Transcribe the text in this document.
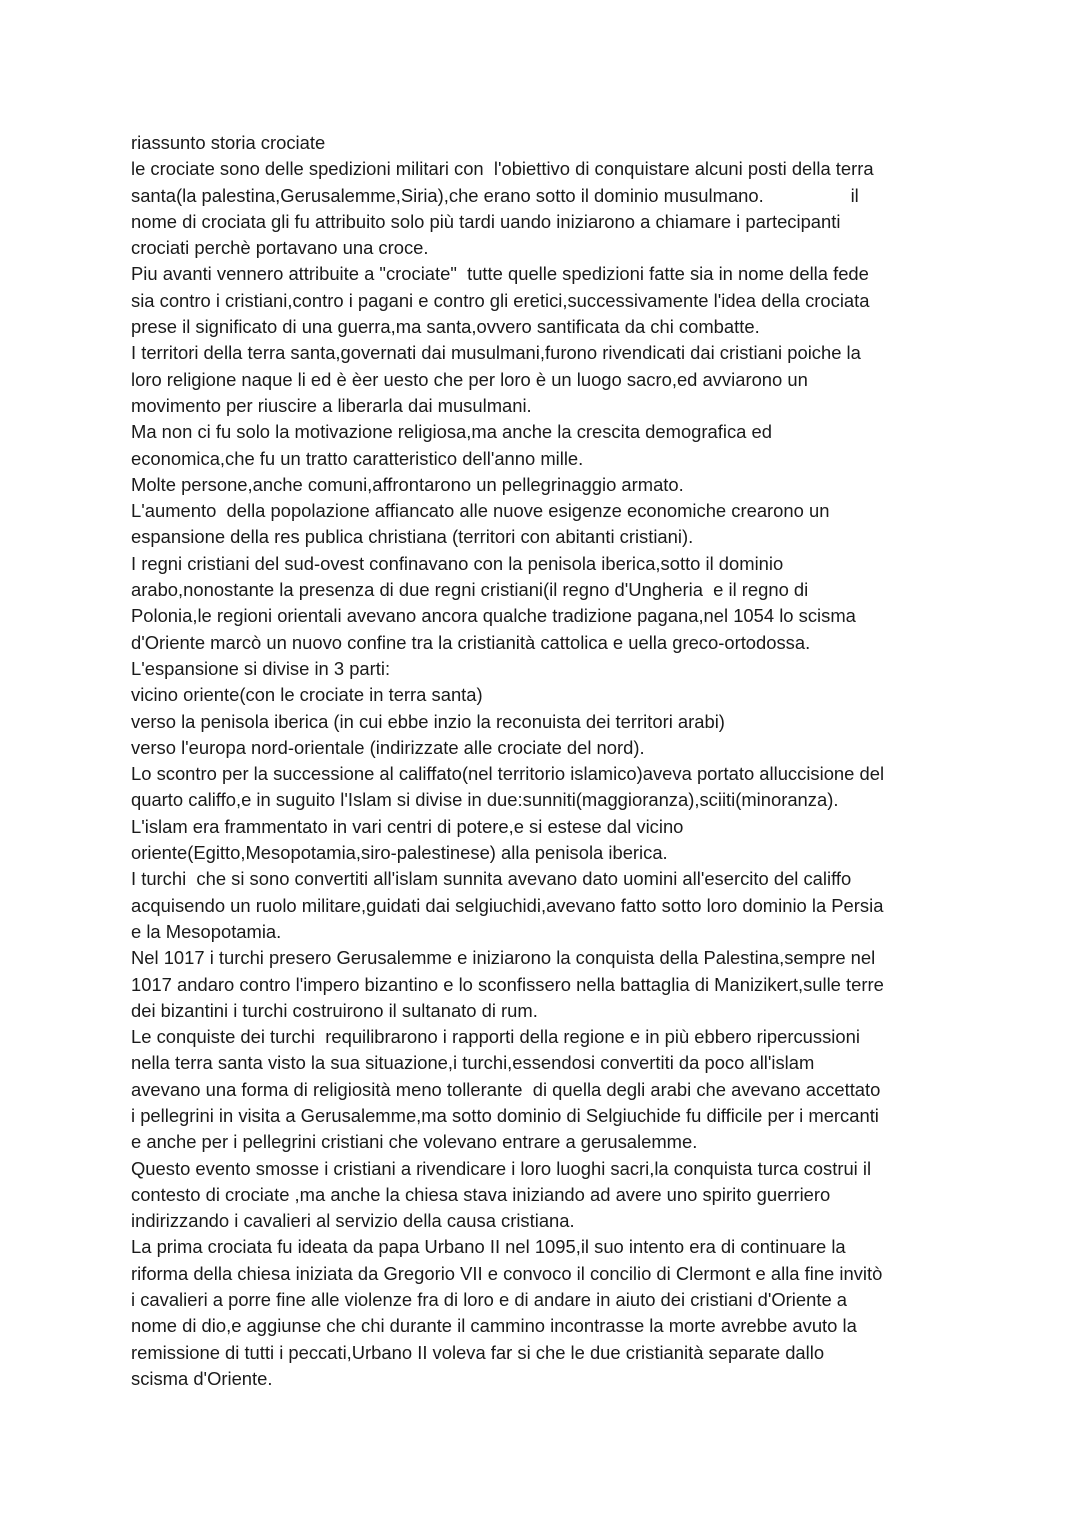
riassunto storia crociate
le crociate sono delle spedizioni militari con  l'obiettivo di conquistare alcuni posti della terra
santa(la palestina,Gerusalemme,Siria),che erano sotto il dominio musulmano.                 il
nome di crociata gli fu attribuito solo più tardi uando iniziarono a chiamare i partecipanti
crociati perchè portavano una croce.
Piu avanti vennero attribuite a "crociate"  tutte quelle spedizioni fatte sia in nome della fede
sia contro i cristiani,contro i pagani e contro gli eretici,successivamente l'idea della crociata
prese il significato di una guerra,ma santa,ovvero santificata da chi combatte.
I territori della terra santa,governati dai musulmani,furono rivendicati dai cristiani poiche la
loro religione naque li ed è èer uesto che per loro è un luogo sacro,ed avviarono un
movimento per riuscire a liberarla dai musulmani.
Ma non ci fu solo la motivazione religiosa,ma anche la crescita demografica ed
economica,che fu un tratto caratteristico dell'anno mille.
Molte persone,anche comuni,affrontarono un pellegrinaggio armato.
L'aumento  della popolazione affiancato alle nuove esigenze economiche crearono un
espansione della res publica christiana (territori con abitanti cristiani).
I regni cristiani del sud-ovest confinavano con la penisola iberica,sotto il dominio
arabo,nonostante la presenza di due regni cristiani(il regno d'Ungheria  e il regno di
Polonia,le regioni orientali avevano ancora qualche tradizione pagana,nel 1054 lo scisma
d'Oriente marcò un nuovo confine tra la cristianità cattolica e uella greco-ortodossa.
L'espansione si divise in 3 parti:
vicino oriente(con le crociate in terra santa)
verso la penisola iberica (in cui ebbe inzio la reconuista dei territori arabi)
verso l'europa nord-orientale (indirizzate alle crociate del nord).
Lo scontro per la successione al califfato(nel territorio islamico)aveva portato alluccisione del
quarto califfo,e in suguito l'Islam si divise in due:sunniti(maggioranza),sciiti(minoranza).
L'islam era frammentato in vari centri di potere,e si estese dal vicino
oriente(Egitto,Mesopotamia,siro-palestinese) alla penisola iberica.
I turchi  che si sono convertiti all'islam sunnita avevano dato uomini all'esercito del califfo
acquisendo un ruolo militare,guidati dai selgiuchidi,avevano fatto sotto loro dominio la Persia
e la Mesopotamia.
Nel 1017 i turchi presero Gerusalemme e iniziarono la conquista della Palestina,sempre nel
1017 andaro contro l'impero bizantino e lo sconfissero nella battaglia di Manizikert,sulle terre
dei bizantini i turchi costruirono il sultanato di rum.
Le conquiste dei turchi  requilibrarono i rapporti della regione e in più ebbero ripercussioni
nella terra santa visto la sua situazione,i turchi,essendosi convertiti da poco all'islam
avevano una forma di religiosità meno tollerante  di quella degli arabi che avevano accettato
i pellegrini in visita a Gerusalemme,ma sotto dominio di Selgiuchide fu difficile per i mercanti
e anche per i pellegrini cristiani che volevano entrare a gerusalemme.
Questo evento smosse i cristiani a rivendicare i loro luoghi sacri,la conquista turca costrui il
contesto di crociate ,ma anche la chiesa stava iniziando ad avere uno spirito guerriero
indirizzando i cavalieri al servizio della causa cristiana.
La prima crociata fu ideata da papa Urbano II nel 1095,il suo intento era di continuare la
riforma della chiesa iniziata da Gregorio VII e convoco il concilio di Clermont e alla fine invitò
i cavalieri a porre fine alle violenze fra di loro e di andare in aiuto dei cristiani d'Oriente a
nome di dio,e aggiunse che chi durante il cammino incontrasse la morte avrebbe avuto la
remissione di tutti i peccati,Urbano II voleva far si che le due cristianità separate dallo
scisma d'Oriente.
